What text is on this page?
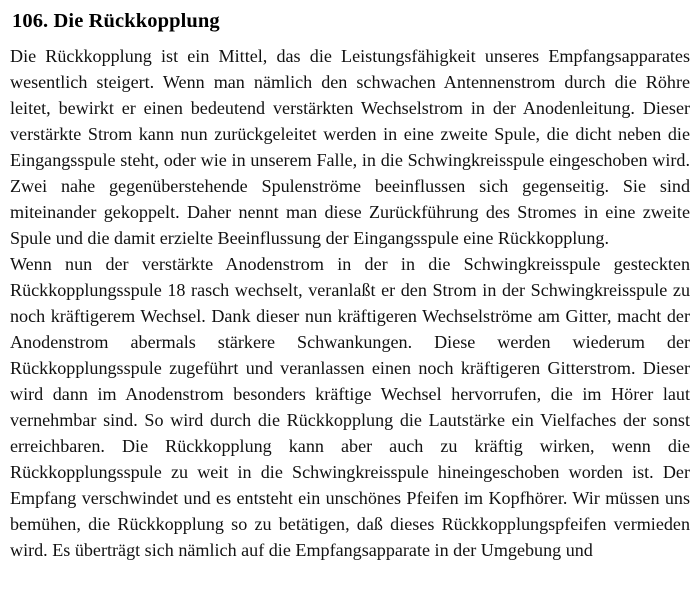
106. Die Rückkopplung

Die Rückkopplung ist ein Mittel, das die Leistungsfähigkeit unseres Empfangsapparates wesentlich steigert. Wenn man nämlich den schwachen Antennenstrom durch die Röhre leitet, bewirkt er einen bedeutend verstärkten Wechselstrom in der Anodenleitung. Dieser verstärkte Strom kann nun zurückgeleitet werden in eine zweite Spule, die dicht neben die Eingangsspule steht, oder wie in unserem Falle, in die Schwingkreisspule eingeschoben wird. Zwei nahe gegenüberstehende Spulenströme beeinflussen sich gegenseitig. Sie sind miteinander gekoppelt. Daher nennt man diese Zurückführung des Stromes in eine zweite Spule und die damit erzielte Beeinflussung der Eingangsspule eine Rückkopplung.

Wenn nun der verstärkte Anodenstrom in der in die Schwingkreisspule gesteckten Rückkopplungsspule 18 rasch wechselt, veranlaßt er den Strom in der Schwingkreisspule zu noch kräftigerem Wechsel. Dank dieser nun kräftigeren Wechselströme am Gitter, macht der Anodenstrom abermals stärkere Schwankungen. Diese werden wiederum der Rückkopplungsspule zugeführt und veranlassen einen noch kräftigeren Gitterstrom. Dieser wird dann im Anodenstrom besonders kräftige Wechsel hervorrufen, die im Hörer laut vernehmbar sind. So wird durch die Rückkopplung die Lautstärke ein Vielfaches der sonst erreichbaren. Die Rückkopplung kann aber auch zu kräftig wirken, wenn die Rückkopplungsspule zu weit in die Schwingkreisspule hineingeschoben worden ist. Der Empfang verschwindet und es entsteht ein unschönes Pfeifen im Kopfhörer. Wir müssen uns bemühen, die Rückkopplung so zu betätigen, daß dieses Rückkopplungspfeifen vermieden wird. Es überträgt sich nämlich auf die Empfangsapparate in der Umgebung und
